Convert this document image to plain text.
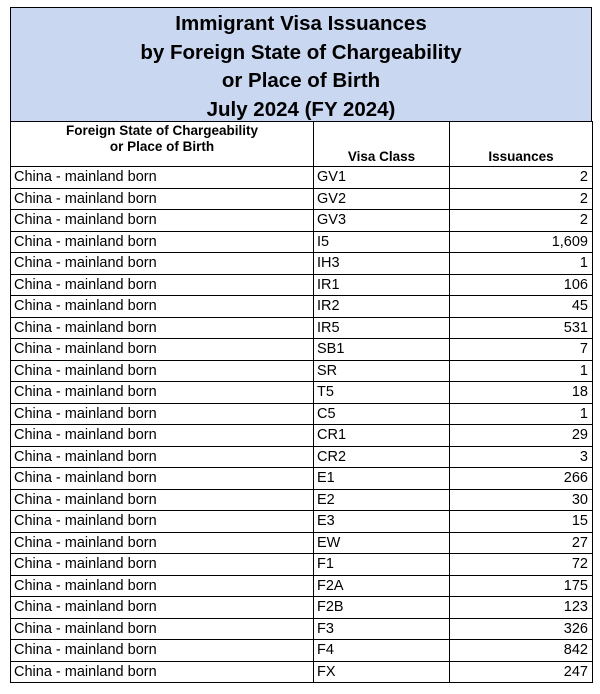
Immigrant Visa Issuances
by Foreign State of Chargeability
or Place of Birth
July 2024 (FY 2024)
Foreign State of Chargeability
or Place of Birth	Visa Class	Issuances
China - mainland born	GV1	2
China - mainland born	GV2	2
China - mainland born	GV3	2
China - mainland born	I5	1,609
China - mainland born	IH3	1
China - mainland born	IR1	106
China - mainland born	IR2	45
China - mainland born	IR5	531
China - mainland born	SB1	7
China - mainland born	SR	1
China - mainland born	T5	18
China - mainland born	C5	1
China - mainland born	CR1	29
China - mainland born	CR2	3
China - mainland born	E1	266
China - mainland born	E2	30
China - mainland born	E3	15
China - mainland born	EW	27
China - mainland born	F1	72
China - mainland born	F2A	175
China - mainland born	F2B	123
China - mainland born	F3	326
China - mainland born	F4	842
China - mainland born	FX	247
